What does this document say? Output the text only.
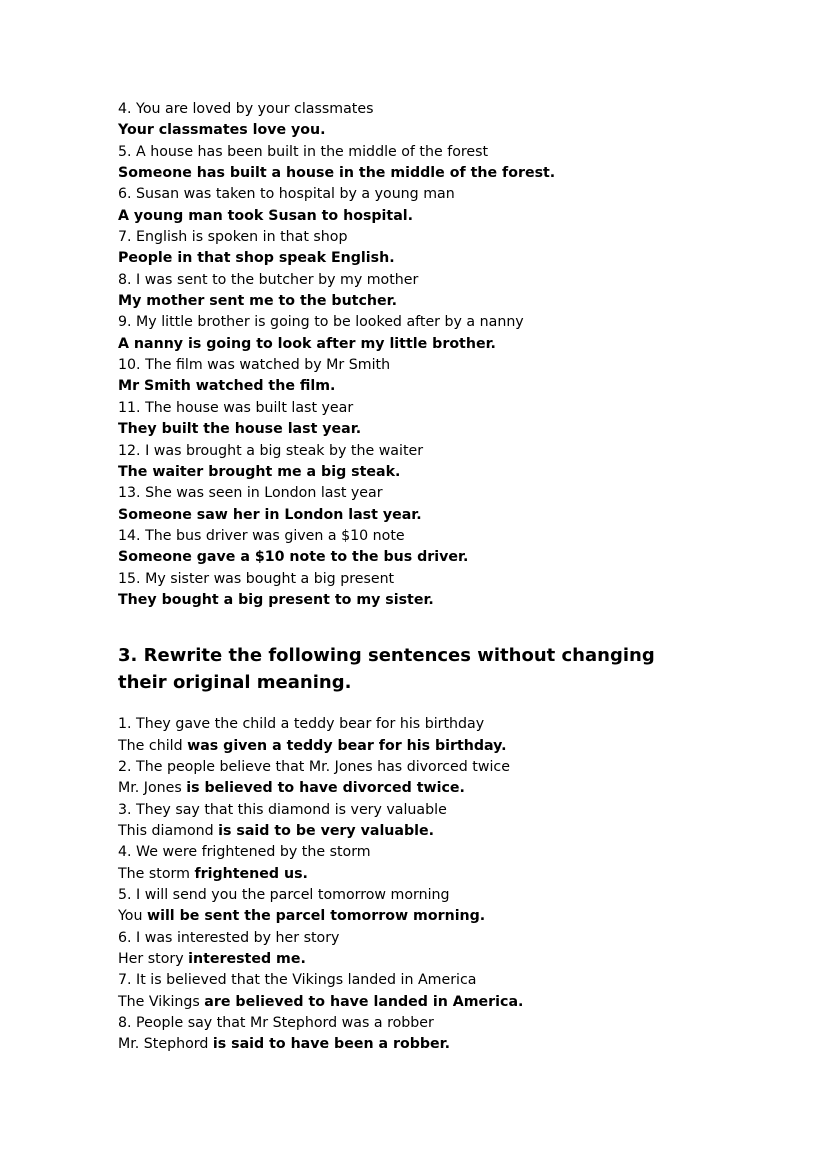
4. You are loved by your classmates
Your classmates love you.
5. A house has been built in the middle of the forest
Someone has built a house in the middle of the forest.
6. Susan was taken to hospital by a young man
A young man took Susan to hospital.
7. English is spoken in that shop
People in that shop speak English.
8. I was sent to the butcher by my mother
My mother sent me to the butcher.
9. My little brother is going to be looked after by a nanny
A nanny is going to look after my little brother.
10. The film was watched by Mr Smith
Mr Smith watched the film.
11. The house was built last year
They built the house last year.
12. I was brought a big steak by the waiter
The waiter brought me a big steak.
13. She was seen in London last year
Someone saw her in London last year.
14. The bus driver was given a $10 note
Someone gave a $10 note to the bus driver.
15. My sister was bought a big present
They bought a big present to my sister.
3. Rewrite the following sentences without changing their original meaning.
1. They gave the child a teddy bear for his birthday
The child was given a teddy bear for his birthday.
2. The people believe that Mr. Jones has divorced twice
Mr. Jones is believed to have divorced twice.
3. They say that this diamond is very valuable
This diamond is said to be very valuable.
4. We were frightened by the storm
The storm frightened us.
5. I will send you the parcel tomorrow morning
You will be sent the parcel tomorrow morning.
6. I was interested by her story
Her story interested me.
7. It is believed that the Vikings landed in America
The Vikings are believed to have landed in America.
8. People say that Mr Stephord was a robber
Mr. Stephord is said to have been a robber.
